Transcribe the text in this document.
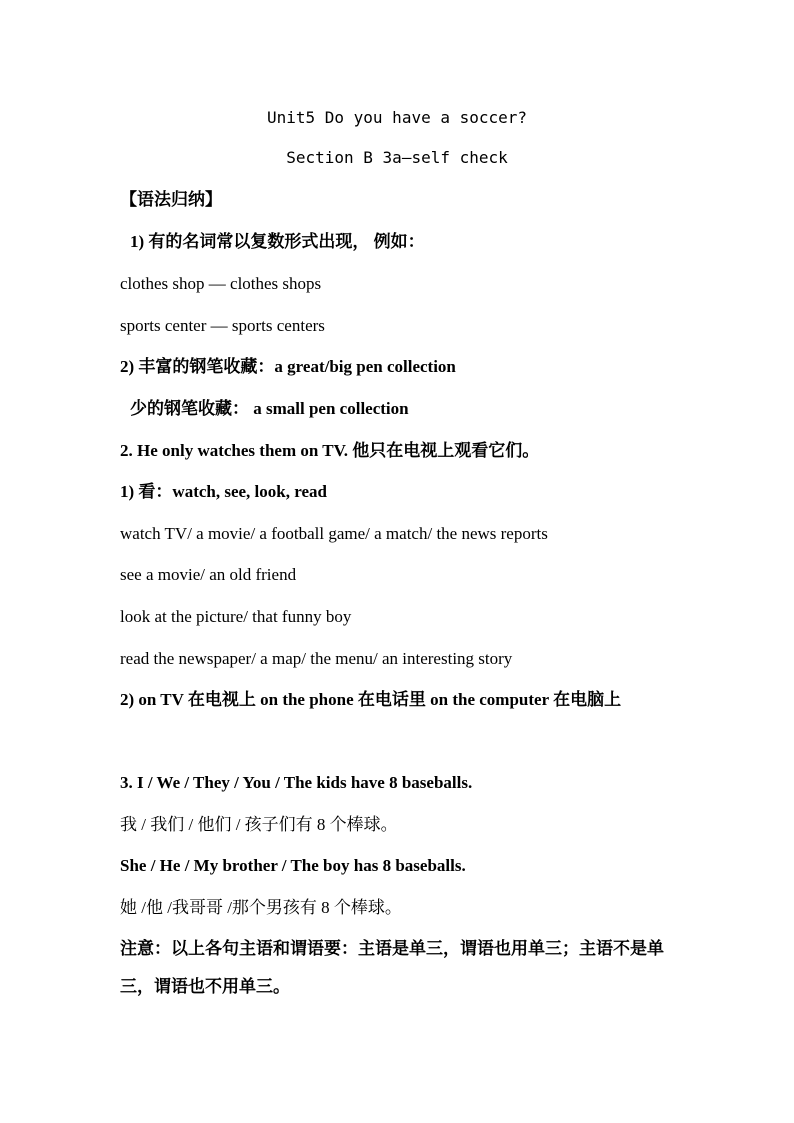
Unit5 Do you have a soccer?
Section B 3a—self check
【语法归纳】
1) 有的名词常以复数形式出现， 例如：
clothes shop — clothes shops
sports center — sports centers
2) 丰富的钢笔收藏：a great/big pen collection
少的钢笔收藏： a small pen collection
2. He only watches them on TV. 他只在电视上观看它们。
1) 看：watch, see, look, read
watch TV/ a movie/ a football game/ a match/ the news reports
see a movie/ an old friend
look at the picture/ that funny boy
read the newspaper/ a map/ the menu/ an interesting story
2) on TV 在电视上 on the phone 在电话里 on the computer 在电脑上
3. I / We / They / You / The kids have 8 baseballs.
我 / 我们 / 他们 / 孩子们有 8 个棒球。
She / He / My brother / The boy has 8 baseballs.
她 /他 /我哥哥 /那个男孩有 8 个棒球。
注意：以上各句主语和谓语要：主语是单三，谓语也用单三；主语不是单三，谓语也不用单三。
